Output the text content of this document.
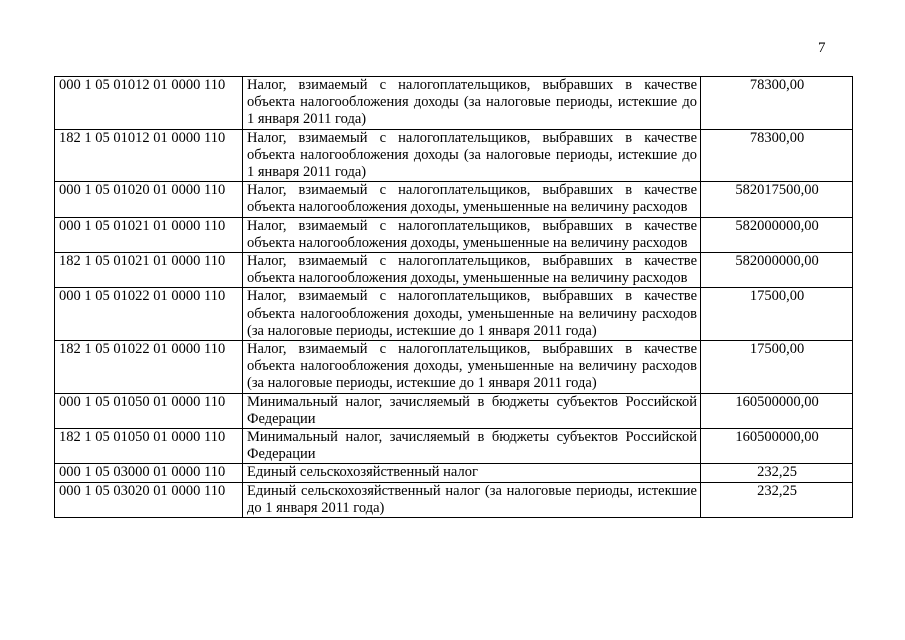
7
000 1 05 01012 01 0000 110	Налог, взимаемый с налогоплательщиков, выбравших в качестве объекта налогообложения доходы (за налоговые периоды, истекшие до 1 января 2011 года)	78300,00
182 1 05 01012 01 0000 110	Налог, взимаемый с налогоплательщиков, выбравших в качестве объекта налогообложения доходы (за налоговые периоды, истекшие до 1 января 2011 года)	78300,00
000 1 05 01020 01 0000 110	Налог, взимаемый с налогоплательщиков, выбравших в качестве объекта налогообложения доходы, уменьшенные на величину расходов	582017500,00
000 1 05 01021 01 0000 110	Налог, взимаемый с налогоплательщиков, выбравших в качестве объекта налогообложения доходы, уменьшенные на величину расходов	582000000,00
182 1 05 01021 01 0000 110	Налог, взимаемый с налогоплательщиков, выбравших в качестве объекта налогообложения доходы, уменьшенные на величину расходов	582000000,00
000 1 05 01022 01 0000 110	Налог, взимаемый с налогоплательщиков, выбравших в качестве объекта налогообложения доходы, уменьшенные на величину расходов (за налоговые периоды, истекшие до 1 января 2011 года)	17500,00
182 1 05 01022 01 0000 110	Налог, взимаемый с налогоплательщиков, выбравших в качестве объекта налогообложения доходы, уменьшенные на величину расходов (за налоговые периоды, истекшие до 1 января 2011 года)	17500,00
000 1 05 01050 01 0000 110	Минимальный налог, зачисляемый в бюджеты субъектов Российской Федерации	160500000,00
182 1 05 01050 01 0000 110	Минимальный налог, зачисляемый в бюджеты субъектов Российской Федерации	160500000,00
000 1 05 03000 01 0000 110	Единый сельскохозяйственный налог	232,25
000 1 05 03020 01 0000 110	Единый сельскохозяйственный налог (за налоговые периоды, истекшие до 1 января 2011 года)	232,25
